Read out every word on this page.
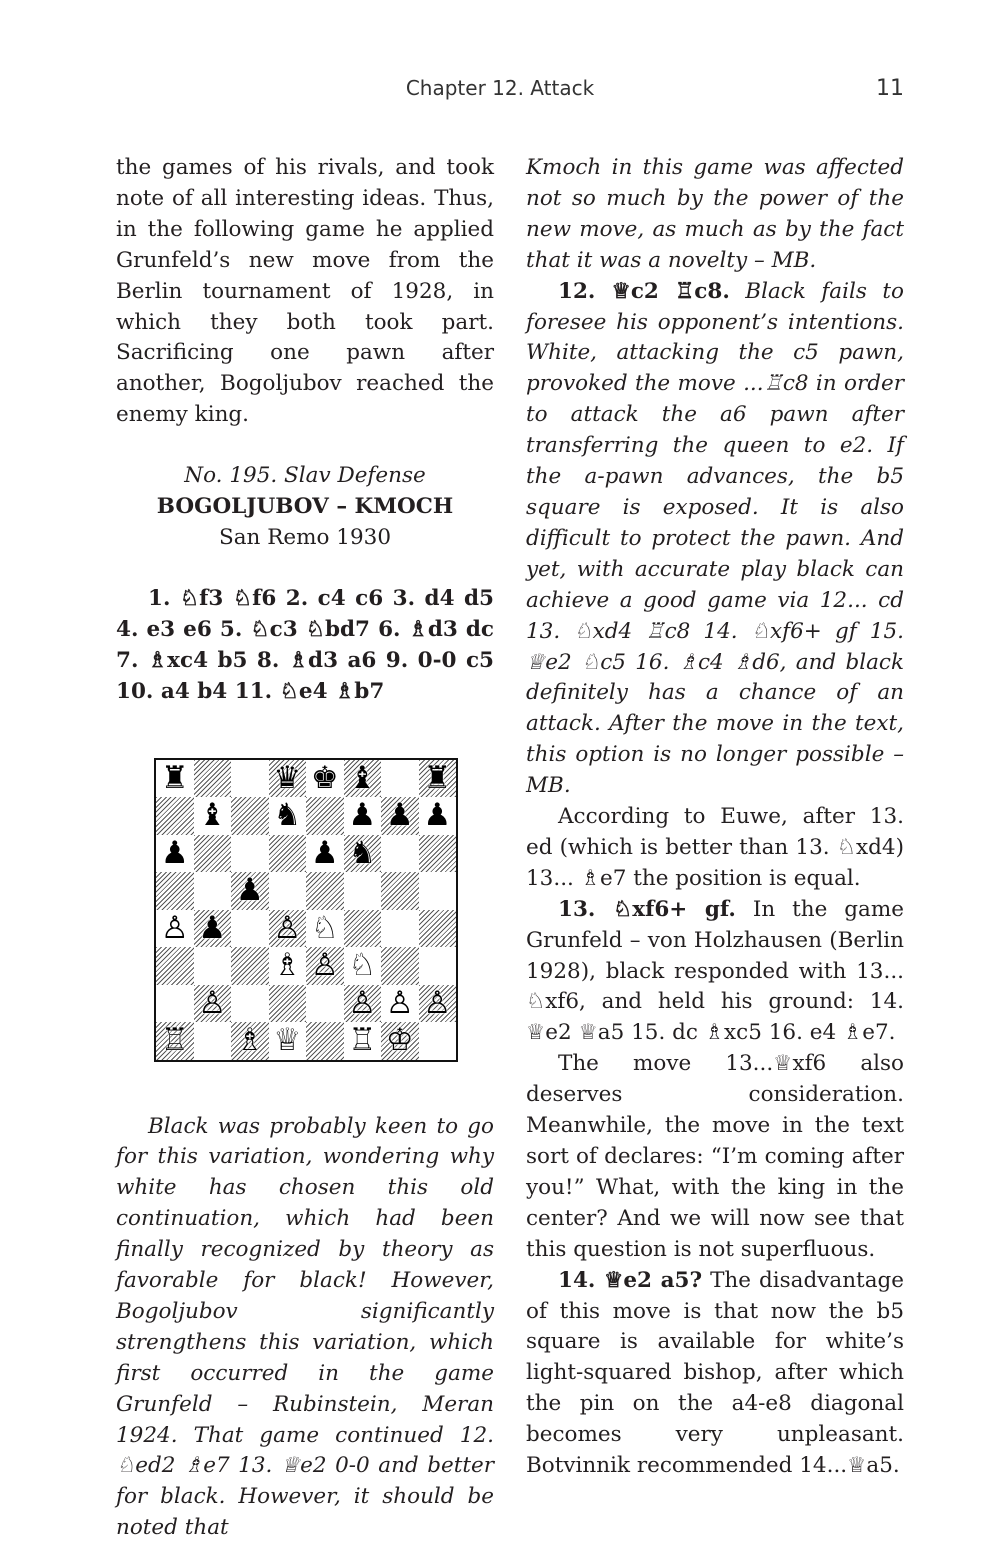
Chapter 12. Attack	11

the games of his rivals, and took note of all interesting ideas. Thus, in the following game he applied Grunfeld’s new move from the Berlin tournament of 1928, in which they both took part. Sacrificing one pawn after another, Bogoljubov reached the enemy king.

No. 195. Slav Defense
BOGOLJUBOV – KMOCH
San Remo 1930

1. ♘f3 ♘f6 2. c4 c6 3. d4 d5 4. e3 e6 5. ♘c3 ♘bd7 6. ♗d3 dc 7. ♗xc4 b5 8. ♗d3 a6 9. 0-0 c5 10. a4 b4 11. ♘e4 ♗b7

♜	♛ ♚ ♝ ♜
♝ ♞ ♟ ♟ ♟
♟	♟ ♞
♟
♙ ♟ ♙ ♘
♗ ♙ ♘
♙	♙ ♙ ♙
♖ ♗ ♕ ♖ ♔

Black was probably keen to go for this variation, wondering why white has chosen this old continuation, which had been finally recognized by theory as favorable for black! However, Bogoljubov significantly strengthens this variation, which first occurred in the game Grunfeld – Rubinstein, Meran 1924. That game continued 12. ♘ed2 ♗e7 13. ♕e2 0-0 and better for black. However, it should be noted that

Kmoch in this game was affected not so much by the power of the new move, as much as by the fact that it was a novelty – MB.

12. ♕c2 ♖c8. Black fails to foresee his opponent’s intentions. White, attacking the c5 pawn, provoked the move ...♖c8 in order to attack the a6 pawn after transferring the queen to e2. If the a-pawn advances, the b5 square is exposed. It is also difficult to protect the pawn. And yet, with accurate play black can achieve a good game via 12... cd 13. ♘xd4 ♖c8 14. ♘xf6+ gf 15. ♕e2 ♘c5 16. ♗c4 ♗d6, and black definitely has a chance of an attack. After the move in the text, this option is no longer possible – MB.

According to Euwe, after 13. ed (which is better than 13. ♘xd4) 13... ♗e7 the position is equal.

13. ♘xf6+ gf. In the game Grunfeld – von Holzhausen (Berlin 1928), black responded with 13... ♘xf6, and held his ground: 14. ♕e2 ♕a5 15. dc ♗xc5 16. e4 ♗e7.

The move 13...♕xf6 also deserves consideration. Meanwhile, the move in the text sort of declares: “I’m coming after you!” What, with the king in the center? And we will now see that this question is not superfluous.

14. ♕e2 a5? The disadvantage of this move is that now the b5 square is available for white’s light-squared bishop, after which the pin on the a4-e8 diagonal becomes very unpleasant. Botvinnik recommended 14...♕a5.
